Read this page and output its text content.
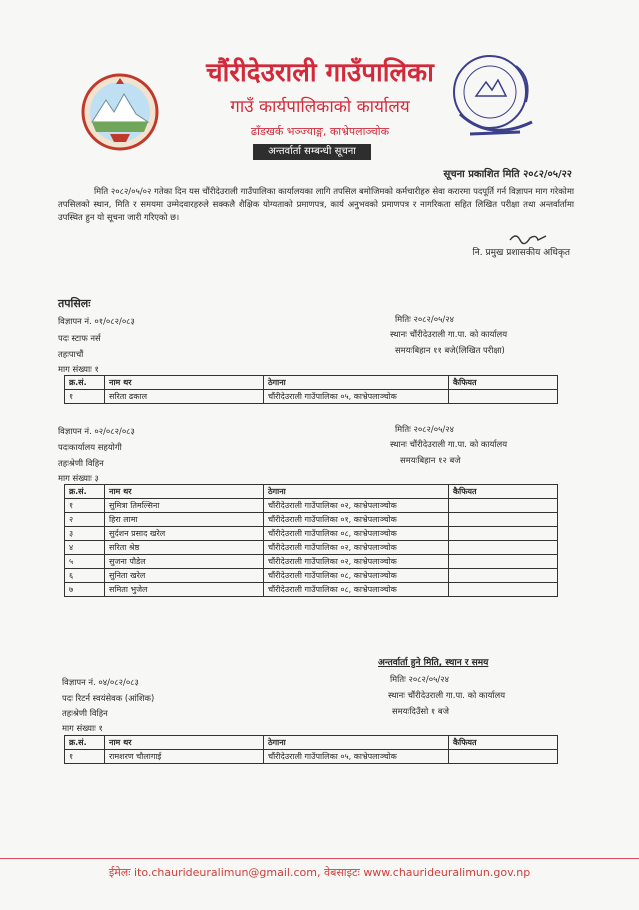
चौंरीदेउराली गाउँपालिका
गाउँ कार्यपालिकाको कार्यालय
ढाँडखर्क भञ्ज्याङ्ग, काभ्रेपलाञ्चोक
अन्तर्वार्ता सम्बन्धी सूचना
सूचना प्रकाशित मिति २०८२/०५/२२
मिति २०८२/०५/०२ गतेका दिन यस चौंरीदेउराली गाउँपालिका कार्यालयका लागि तपसिल बमोजिमको कर्मचारीहरु सेवा करारमा पदपूर्ति गर्न विज्ञापन माग गरेकोमा तपसिलको स्थान, मिति र समयमा उम्मेदवारहरुले सक्कलै शैक्षिक योग्यताको प्रमाणपत्र, कार्य अनुभवको प्रमाणपत्र र नागरिकता सहित लिखित परीक्षा तथा अन्तर्वार्तामा उपस्थित हुन यो सूचना जारी गरिएको छ।
नि. प्रमुख प्रशासकीय अधिकृत
तपसिलः
विज्ञापन नं. ०१/०८२/०८३
पदः स्टाफ नर्स
तहःपाचौं
माग संख्याः १
मितिः २०८२/०५/२४
स्थानः चौंरीदेउराली गा.पा. को कार्यालय
समयःबिहान ११ बजे(लिखित परीक्षा)
क्र.सं.	नाम थर	ठेगाना	कैफियत
१	सरिता ढकाल	चौंरीदेउराली गाउँपालिका ०५, काभ्रेपलाञ्चोक	
विज्ञापन नं. ०२/०८२/०८३
पदःकार्यालय सहयोगी
तहःश्रेणी विहिन
माग संख्याः ३
मितिः २०८२/०५/२४
स्थानः चौंरीदेउराली गा.पा. को कार्यालय
समयःबिहान १२ बजे
क्र.सं.	नाम थर	ठेगाना	कैफियत
१	सुमित्रा तिमल्सिना	चौंरीदेउराली गाउँपालिका ०२, काभ्रेपलाञ्चोक	
२	हिरा लामा	चौंरीदेउराली गाउँपालिका ०१, काभ्रेपलाञ्चोक	
३	सुर्दशन प्रसाद खरेल	चौंरीदेउराली गाउँपालिका ०८, काभ्रेपलाञ्चोक	
४	सरिता श्रेष्ठ	चौंरीदेउराली गाउँपालिका ०२, काभ्रेपलाञ्चोक	
५	सुजना पौडेल	चौंरीदेउराली गाउँपालिका ०२, काभ्रेपलाञ्चोक	
६	सुनिता खरेल	चौंरीदेउराली गाउँपालिका ०८, काभ्रेपलाञ्चोक	
७	समिता भुजेल	चौंरीदेउराली गाउँपालिका ०८, काभ्रेपलाञ्चोक	
अन्तर्वार्ता हुने मिति, स्थान र समय
मितिः २०८२/०५/२४
स्थानः चौंरीदेउराली गा.पा. को कार्यालय
समयःदिउँसो १ बजे
विज्ञापन नं. ०४/०८२/०८३
पदः रिटर्न स्वयंसेवक (आंशिक)
तहःश्रेणी विहिन
माग संख्याः १
क्र.सं.	नाम थर	ठेगाना	कैफियत
१	रामशरण चौलागाई	चौंरीदेउराली गाउँपालिका ०५, काभ्रेपलाञ्चोक	
ईमेलः ito.chaurideuralimun@gmail.com, वेबसाइटः www.chaurideuralimun.gov.np
